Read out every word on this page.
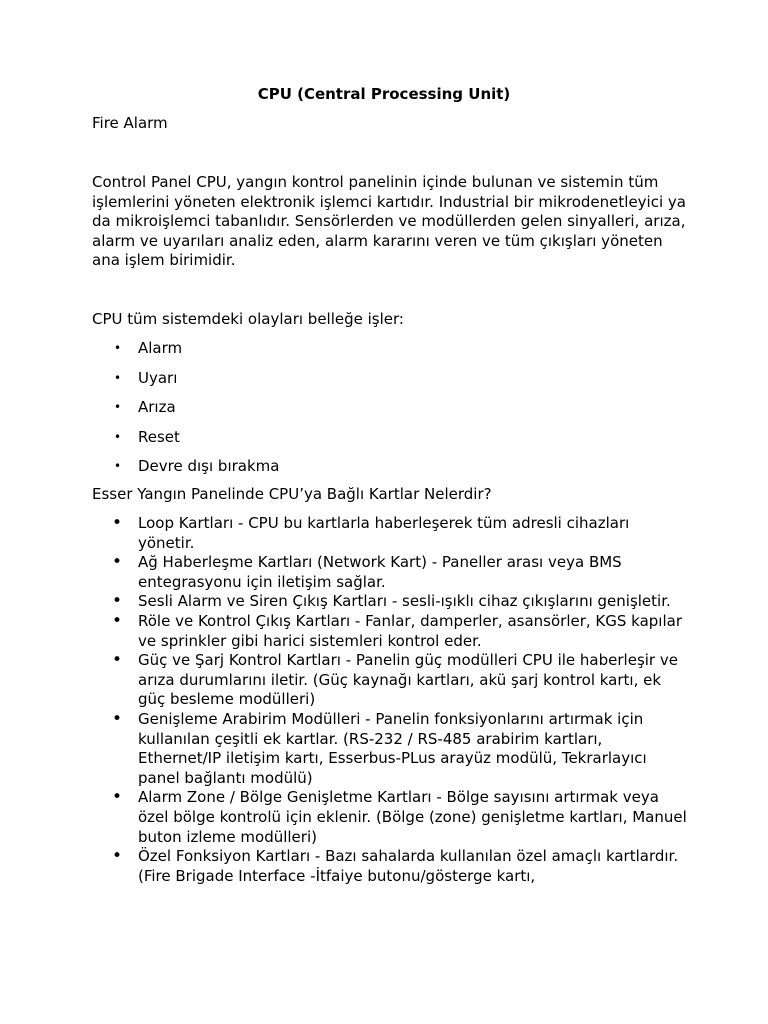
CPU (Central Processing Unit)
Fire Alarm
Control Panel CPU, yangın kontrol panelinin içinde bulunan ve sistemin tüm işlemlerini yöneten elektronik işlemci kartıdır. Industrial bir mikrodenetleyici ya da mikroişlemci tabanlıdır. Sensörlerden ve modüllerden gelen sinyalleri, arıza, alarm ve uyarıları analiz eden, alarm kararını veren ve tüm çıkışları yöneten ana işlem birimidir.
CPU tüm sistemdeki olayları belleğe işler:
• Alarm
• Uyarı
• Arıza
• Reset
• Devre dışı bırakma
Esser Yangın Panelinde CPU’ya Bağlı Kartlar Nelerdir?
• Loop Kartları - CPU bu kartlarla haberleşerek tüm adresli cihazları yönetir.
• Ağ Haberleşme Kartları (Network Kart) - Paneller arası veya BMS entegrasyonu için iletişim sağlar.
• Sesli Alarm ve Siren Çıkış Kartları - sesli-ışıklı cihaz çıkışlarını genişletir.
• Röle ve Kontrol Çıkış Kartları - Fanlar, damperler, asansörler, KGS kapılar ve sprinkler gibi harici sistemleri kontrol eder.
• Güç ve Şarj Kontrol Kartları - Panelin güç modülleri CPU ile haberleşir ve arıza durumlarını iletir. (Güç kaynağı kartları, akü şarj kontrol kartı, ek güç besleme modülleri)
• Genişleme Arabirim Modülleri - Panelin fonksiyonlarını artırmak için kullanılan çeşitli ek kartlar. (RS-232 / RS-485 arabirim kartları, Ethernet/IP iletişim kartı, Esserbus-PLus arayüz modülü, Tekrarlayıcı panel bağlantı modülü)
• Alarm Zone / Bölge Genişletme Kartları - Bölge sayısını artırmak veya özel bölge kontrolü için eklenir. (Bölge (zone) genişletme kartları, Manuel buton izleme modülleri)
• Özel Fonksiyon Kartları - Bazı sahalarda kullanılan özel amaçlı kartlardır. (Fire Brigade Interface -İtfaiye butonu/gösterge kartı,
